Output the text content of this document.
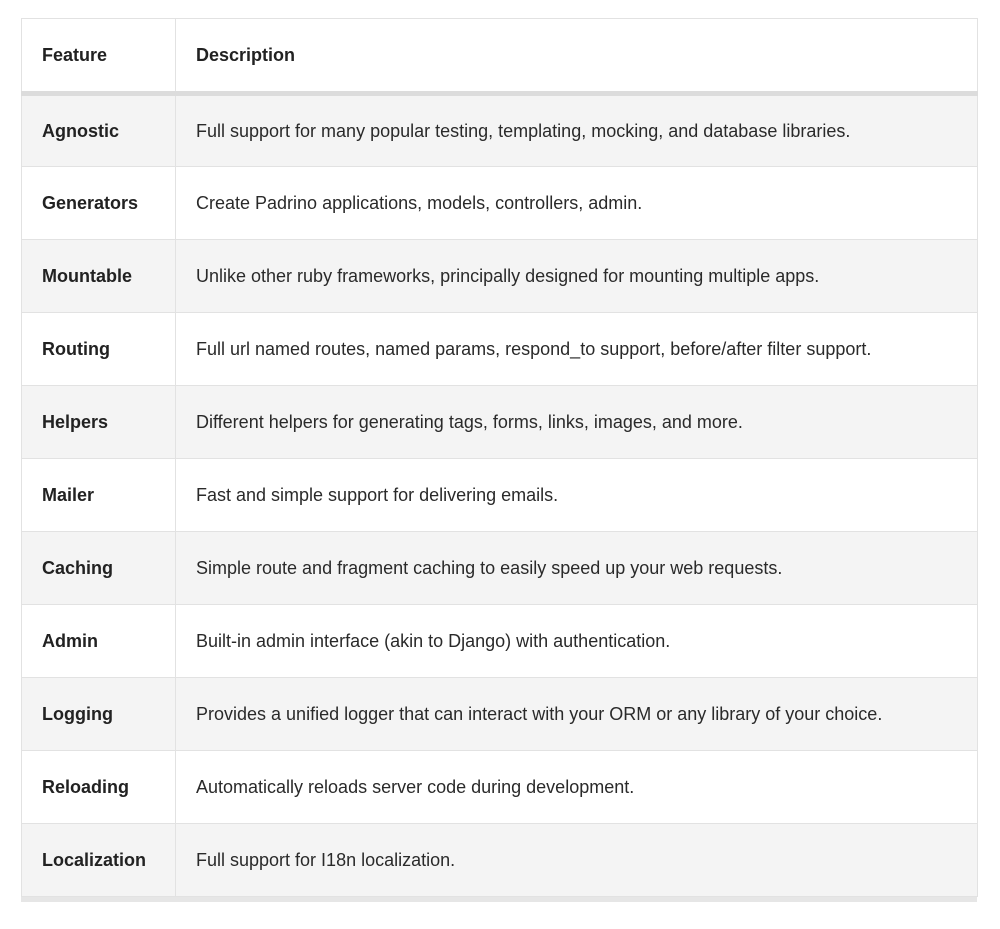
Feature	Description
Agnostic	Full support for many popular testing, templating, mocking, and database libraries.
Generators	Create Padrino applications, models, controllers, admin.
Mountable	Unlike other ruby frameworks, principally designed for mounting multiple apps.
Routing	Full url named routes, named params, respond_to support, before/after filter support.
Helpers	Different helpers for generating tags, forms, links, images, and more.
Mailer	Fast and simple support for delivering emails.
Caching	Simple route and fragment caching to easily speed up your web requests.
Admin	Built-in admin interface (akin to Django) with authentication.
Logging	Provides a unified logger that can interact with your ORM or any library of your choice.
Reloading	Automatically reloads server code during development.
Localization	Full support for I18n localization.
